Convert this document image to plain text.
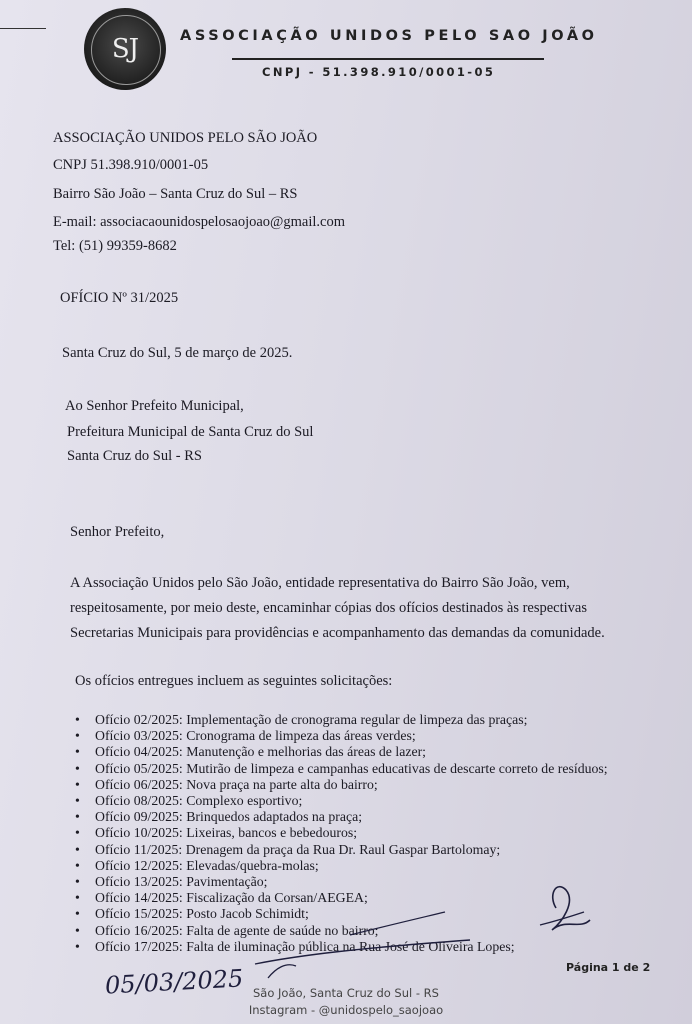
SJ	ASSOCIAÇÃO UNIDOS PELO SAO JOÃO
CNPJ - 51.398.910/0001-05
ASSOCIAÇÃO UNIDOS PELO SÃO JOÃO
CNPJ 51.398.910/0001-05
Bairro São João – Santa Cruz do Sul – RS
E-mail: associacaounidospelosaojoao@gmail.com
Tel: (51) 99359-8682
OFÍCIO Nº 31/2025
Santa Cruz do Sul, 5 de março de 2025.
Ao Senhor Prefeito Municipal,
Prefeitura Municipal de Santa Cruz do Sul
Santa Cruz do Sul - RS
Senhor Prefeito,
A Associação Unidos pelo São João, entidade representativa do Bairro São João, vem,
respeitosamente, por meio deste, encaminhar cópias dos ofícios destinados às respectivas
Secretarias Municipais para providências e acompanhamento das demandas da comunidade.
Os ofícios entregues incluem as seguintes solicitações:
• Ofício 02/2025: Implementação de cronograma regular de limpeza das praças;
• Ofício 03/2025: Cronograma de limpeza das áreas verdes;
• Ofício 04/2025: Manutenção e melhorias das áreas de lazer;
• Ofício 05/2025: Mutirão de limpeza e campanhas educativas de descarte correto de resíduos;
• Ofício 06/2025: Nova praça na parte alta do bairro;
• Ofício 08/2025: Complexo esportivo;
• Ofício 09/2025: Brinquedos adaptados na praça;
• Ofício 10/2025: Lixeiras, bancos e bebedouros;
• Ofício 11/2025: Drenagem da praça da Rua Dr. Raul Gaspar Bartolomay;
• Ofício 12/2025: Elevadas/quebra-molas;
• Ofício 13/2025: Pavimentação;
• Ofício 14/2025: Fiscalização da Corsan/AEGEA;
• Ofício 15/2025: Posto Jacob Schimidt;
• Ofício 16/2025: Falta de agente de saúde no bairro;
• Ofício 17/2025: Falta de iluminação pública na Rua José de Oliveira Lopes;
05/03/2025	Página 1 de 2
São João, Santa Cruz do Sul - RS
Instagram - @unidospelo_saojoao
